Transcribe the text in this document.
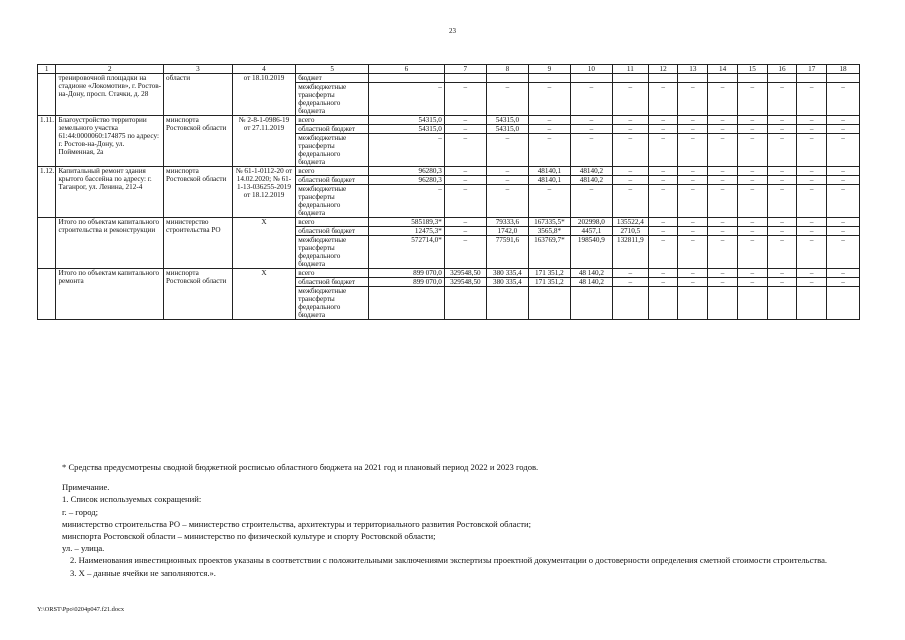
23
1	2	3	4	5	6	7	8	9	10	11	12	13	14	15	16	17	18
	тренировочной площадки на стадионе «Локомотив», г. Ростов-на-Дону, просп. Стачки, д. 28	области	от 18.10.2019	бюджет													
				межбюджетные трансферты федерального бюджета	–	–	–	–	–	–	–	–	–	–	–	–	–
1.11.	Благоустройство территории земельного участка 61:44:0000060:174875 по адресу: г. Ростов-на-Дону, ул. Пойменная, 2а	минспорта Ростовской области	№ 2-8-1-0986-19 от 27.11.2019	всего	54315,0	–	54315,0	–	–	–	–	–	–	–	–	–	–
				областной бюджет	54315,0	–	54315,0	–	–	–	–	–	–	–	–	–	–
				межбюджетные трансферты федерального бюджета	–	–	–	–	–	–	–	–	–	–	–	–	–
1.12.	Капитальный ремонт здания крытого бассейна по адресу: г. Таганрог, ул. Ленина, 212-4	минспорта Ростовской области	№ 61-1-0112-20 от 14.02.2020; № 61-1-13-036255-2019 от 18.12.2019	всего	96280,3	–	–	48140,1	48140,2	–	–	–	–	–	–	–	–
				областной бюджет	96280,3	–	–	48140,1	48140,2	–	–	–	–	–	–	–	–
				межбюджетные трансферты федерального бюджета	–	–	–	–	–	–	–	–	–	–	–	–	–
	Итого по объектам капитального строительства и реконструкции	министерство строительства РО	X	всего	585189,3*	–	79333,6	167335,5*	202998,0	135522,4	–	–	–	–	–	–	–
				областной бюджет	12475,3*	–	1742,0	3565,8*	4457,1	2710,5	–	–	–	–	–	–	–
				межбюджетные трансферты федерального бюджета	572714,0*	–	77591,6	163769,7*	198540,9	132811,9	–	–	–	–	–	–	–
	Итого по объектам капитального ремонта	минспорта Ростовской области	X	всего	899 070,0	329548,50	380 335,4	171 351,2	48 140,2	–	–	–	–	–	–	–	–
				областной бюджет	899 070,0	329548,50	380 335,4	171 351,2	48 140,2	–	–	–	–	–	–	–	–
				межбюджетные трансферты федерального бюджета													

* Средства предусмотрены сводной бюджетной росписью областного бюджета на 2021 год и плановый период 2022 и 2023 годов.

Примечание.

1. Список используемых сокращений:

г. – город;

министерство строительства РО – министерство строительства, архитектуры и территориального развития Ростовской области;

минспорта Ростовской области – министерство по физической культуре и спорту Ростовской области;

ул. – улица.

2. Наименования инвестиционных проектов указаны в соответствии с положительными заключениями экспертизы проектной документации о достоверности определения сметной стоимости строительства.

3. X – данные ячейки не заполняются.».

Y:\ORST\Ppo\0204p047.f21.docx
